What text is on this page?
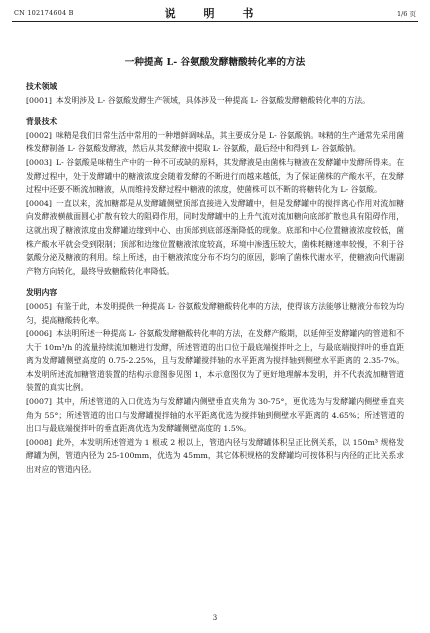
CN 102174604 B	说 明 书	1/6 页
一种提高 L- 谷氨酸发酵糖酸转化率的方法
技术领域
[0001] 本发明涉及 L- 谷氨酸发酵生产领域，具体涉及一种提高 L- 谷氨酸发酵糖酸转化率的方法。
背景技术
[0002] 味精是我们日常生活中常用的一种增鲜调味品，其主要成分是 L- 谷氨酸钠。味精的生产通常先采用菌株发酵制备 L- 谷氨酸发酵液，然后从其发酵液中提取 L- 谷氨酸，最后经中和得到 L- 谷氨酸钠。
[0003] L- 谷氨酸是味精生产中的一种不可或缺的原料，其发酵液是由菌株与糖液在发酵罐中发酵所得来。在发酵过程中，处于发酵罐中的糖液浓度会随着发酵的不断进行而越来越低，为了保证菌株的产酸水平，在发酵过程中还要不断流加糖液，从而维持发酵过程中糖液的浓度，使菌株可以不断的将糖转化为 L- 谷氨酸。
[0004] 一直以来，流加糖都是从发酵罐侧壁顶部直接进入发酵罐中，但是发酵罐中的搅拌离心作用对流加糖向发酵液横截面圆心扩散有较大的阻碍作用，同时发酵罐中的上升气流对流加糖向底部扩散也具有阻碍作用，这就出现了糖液浓度由发酵罐边缘到中心、由顶部到底部逐渐降低的现象。底部和中心位置糖液浓度较低，菌株产酸水平就会受到限制；顶部和边缘位置糖液浓度较高，环境中渗透压较大，菌株耗糖速率较慢，不利于谷氨酸分泌及糖液的利用。综上所述，由于糖液浓度分布不均匀的原因，影响了菌株代谢水平，使糖液向代谢副产物方向转化，最终导致糖酸转化率降低。
发明内容
[0005] 有鉴于此，本发明提供一种提高 L- 谷氨酸发酵糖酸转化率的方法，使得该方法能够让糖液分布较为均匀，提高糖酸转化率。
[0006] 本法明所述一种提高 L- 谷氨酸发酵糖酸转化率的方法，在发酵产酸期，以延伸至发酵罐内的管道和不大于 10m³/h 的流量持续流加糖进行发酵，所述管道的出口位于最底端搅拌叶之上，与最底端搅拌叶的垂直距离为发酵罐侧壁高度的 0.75-2.25%，且与发酵罐搅拌轴的水平距离为搅拌轴到侧壁水平距离的 2.35-7%。本发明所述流加糖管道装置的结构示意图参见图 1，本示意图仅为了更好地理解本发明，并不代表流加糖管道装置的真实比例。
[0007] 其中，所述管道的入口优选为与发酵罐内侧壁垂直夹角为 30-75°，更优选为与发酵罐内侧壁垂直夹角为 55°；所述管道的出口与发酵罐搅拌轴的水平距离优选为搅拌轴到侧壁水平距离的 4.65%；所述管道的出口与最底端搅拌叶的垂直距离优选为发酵罐侧壁高度的 1.5%。
[0008] 此外，本发明所述管道为 1 根或 2 根以上，管道内径与发酵罐体积呈正比例关系，以 150m³ 规格发酵罐为例，管道内径为 25-100mm，优选为 45mm，其它体积规格的发酵罐均可按体积与内径的正比关系求出对应的管道内径。
3
